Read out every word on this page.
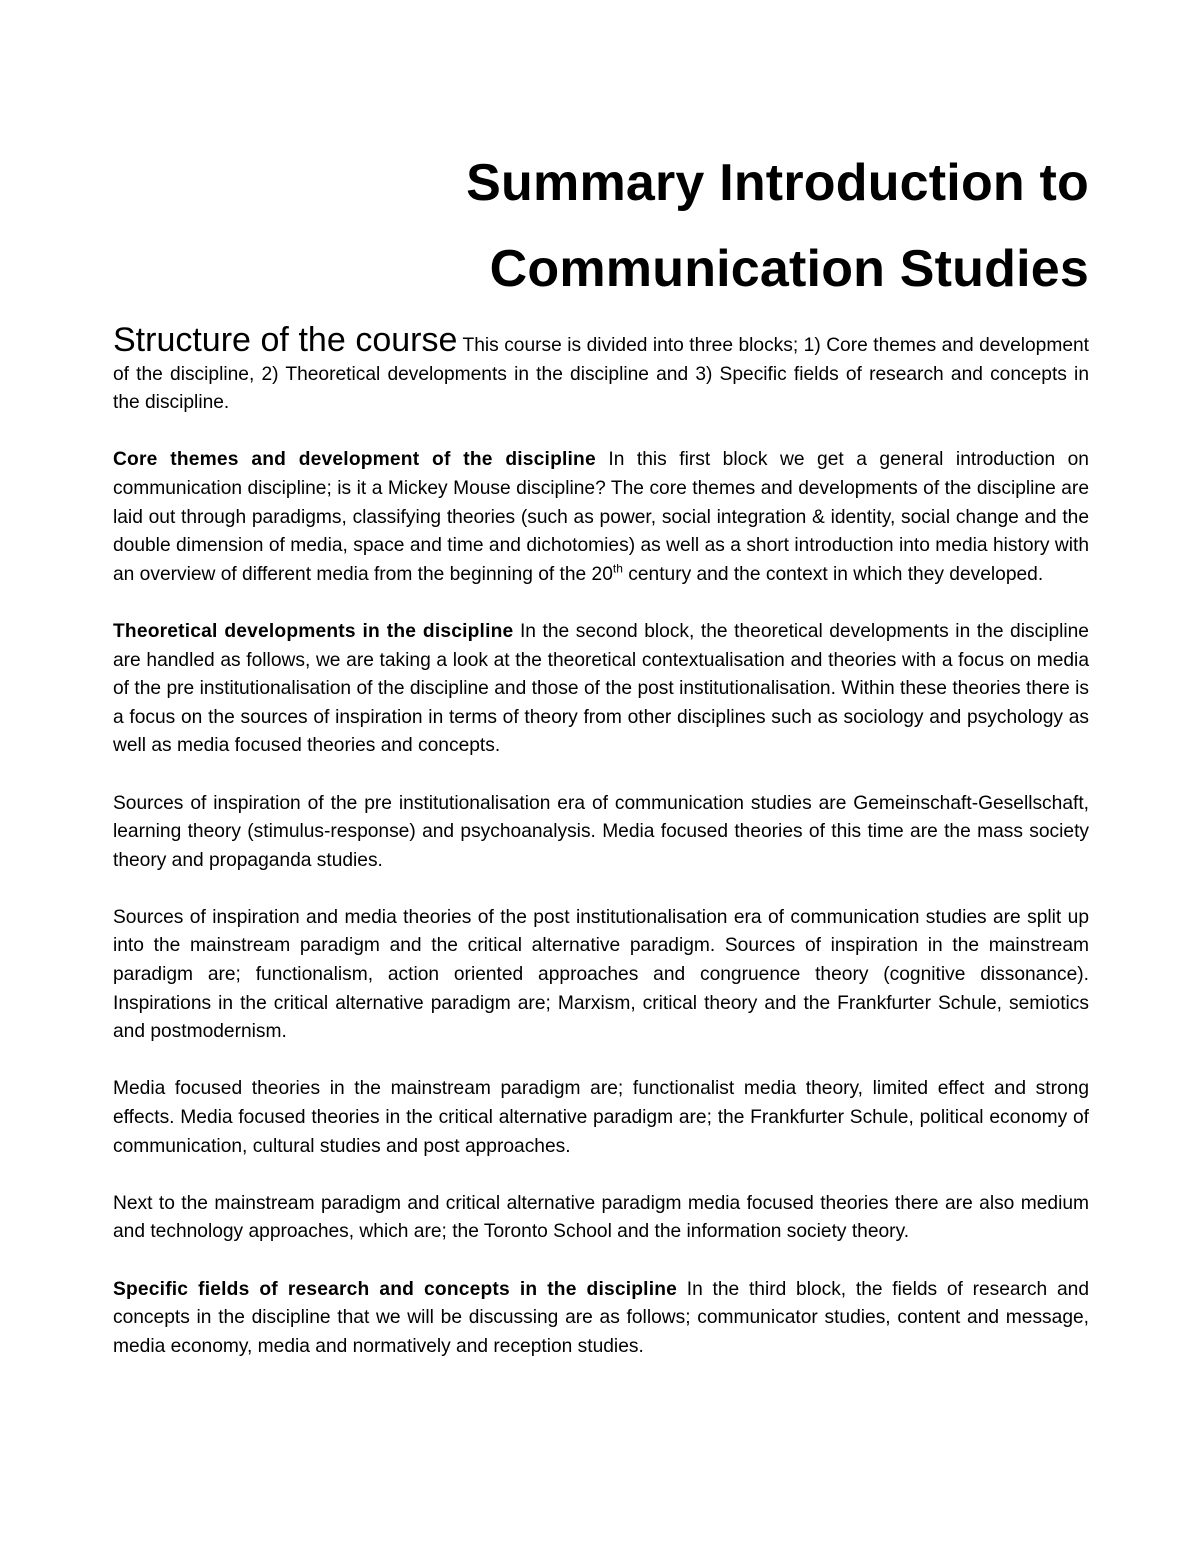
Summary Introduction to
Communication Studies

Structure of the course This course is divided into three blocks; 1) Core themes and development of the discipline, 2) Theoretical developments in the discipline and 3) Specific fields of research and concepts in the discipline.

Core themes and development of the discipline In this first block we get a general introduction on communication discipline; is it a Mickey Mouse discipline? The core themes and developments of the discipline are laid out through paradigms, classifying theories (such as power, social integration & identity, social change and the double dimension of media, space and time and dichotomies) as well as a short introduction into media history with an overview of different media from the beginning of the 20th century and the context in which they developed.

Theoretical developments in the discipline In the second block, the theoretical developments in the discipline are handled as follows, we are taking a look at the theoretical contextualisation and theories with a focus on media of the pre institutionalisation of the discipline and those of the post institutionalisation. Within these theories there is a focus on the sources of inspiration in terms of theory from other disciplines such as sociology and psychology as well as media focused theories and concepts.

Sources of inspiration of the pre institutionalisation era of communication studies are Gemeinschaft-Gesellschaft, learning theory (stimulus-response) and psychoanalysis. Media focused theories of this time are the mass society theory and propaganda studies.

Sources of inspiration and media theories of the post institutionalisation era of communication studies are split up into the mainstream paradigm and the critical alternative paradigm. Sources of inspiration in the mainstream paradigm are; functionalism, action oriented approaches and congruence theory (cognitive dissonance). Inspirations in the critical alternative paradigm are; Marxism, critical theory and the Frankfurter Schule, semiotics and postmodernism.

Media focused theories in the mainstream paradigm are; functionalist media theory, limited effect and strong effects. Media focused theories in the critical alternative paradigm are; the Frankfurter Schule, political economy of communication, cultural studies and post approaches.

Next to the mainstream paradigm and critical alternative paradigm media focused theories there are also medium and technology approaches, which are; the Toronto School and the information society theory.

Specific fields of research and concepts in the discipline In the third block, the fields of research and concepts in the discipline that we will be discussing are as follows; communicator studies, content and message, media economy, media and normatively and reception studies.
